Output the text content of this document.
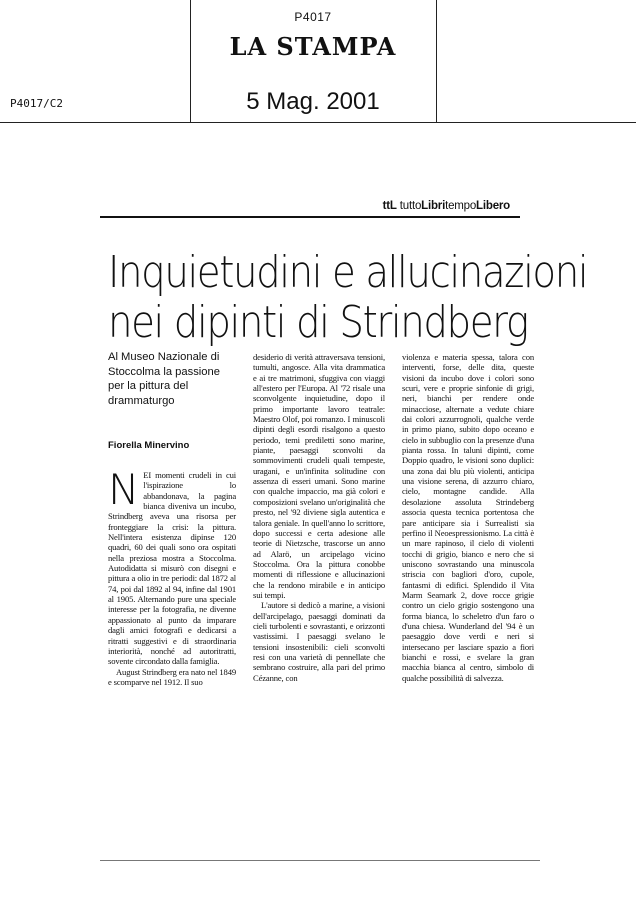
P4017
LA STAMPA
P4017/C2	5 Mag. 2001
ttL tuttoLibritempoLibero
Inquietudini e allucinazioni
nei dipinti di Strindberg
Al Museo Nazionale di Stoccolma la passione per la pittura del drammaturgo
Fiorella Minervino
N EI momenti crudeli in cui l'ispirazione lo abbandonava, la pagina bianca diveniva un incubo, Strindberg aveva una risorsa per fronteggiare la crisi: la pittura. Nell'intera esistenza dipinse 120 quadri, 60 dei quali sono ora ospitati nella preziosa mostra a Stoccolma. Autodidatta si misurò con disegni e pittura a olio in tre periodi: dal 1872 al 74, poi dal 1892 al 94, infine dal 1901 al 1905. Alternando pure una speciale interesse per la fotografia, ne divenne appassionato al punto da imparare dagli amici fotografi e dedicarsi a ritratti suggestivi e di straordinaria interiorità, nonché ad autoritratti, sovente circondato dalla famiglia.

August Strindberg era nato nel 1849 e scomparve nel 1912. Il suo

desiderio di verità attraversava tensioni, tumulti, angosce. Alla vita drammatica e ai tre matrimoni, sfuggiva con viaggi all'estero per l'Europa. Al '72 risale una sconvolgente inquietudine, dopo il primo importante lavoro teatrale: Maestro Olof, poi romanzo. I minuscoli dipinti degli esordi risalgono a questo periodo, temi prediletti sono marine, piante, paesaggi sconvolti da sommovimenti crudeli quali tempeste, uragani, e un'infinita solitudine con assenza di esseri umani. Sono marine con qualche impaccio, ma già colori e composizioni svelano un'originalità che presto, nel '92 diviene sigla autentica e talora geniale. In quell'anno lo scrittore, dopo successi e certa adesione alle teorie di Nietzsche, trascorse un anno ad Alarö, un arcipelago vicino Stoccolma. Ora la pittura conobbe momenti di riflessione e allucinazioni che la rendono mirabile e in anticipo sui tempi.

L'autore si dedicò a marine, a visioni dell'arcipelago, paesaggi dominati da cieli turbolenti e sovrastanti, e orizzonti vastissimi. I paesaggi svelano le tensioni insostenibili: cieli sconvolti resi con una varietà di pennellate che sembrano costruire, alla pari del primo Cézanne, con

violenza e materia spessa, talora con interventi, forse, delle dita, queste visioni da incubo dove i colori sono scuri, vere e proprie sinfonie di grigi, neri, bianchi per rendere onde minacciose, alternate a vedute chiare dai colori azzurrognoli, qualche verde in primo piano, subito dopo oceano e cielo in subbuglio con la presenze d'una pianta rossa. In taluni dipinti, come Doppio quadro, le visioni sono duplici: una zona dai blu più violenti, anticipa una visione serena, di azzurro chiaro, cielo, montagne candide. Alla desolazione assoluta Strindeberg associa questa tecnica portentosa che pare anticipare sia i Surrealisti sia perfino il Neoespressionismo. La città è un mare rapinoso, il cielo di violenti tocchi di grigio, bianco e nero che si uniscono sovrastando una minuscola striscia con bagliori d'oro, cupole, fantasmi di edifici. Splendido il Vita Marm Seamark 2, dove rocce grigie contro un cielo grigio sostengono una forma bianca, lo scheletro d'un faro o d'una chiesa. Wunderland del '94 è un paesaggio dove verdi e neri si intersecano per lasciare spazio a fiori bianchi e rossi, e svelare la gran macchia bianca al centro, simbolo di qualche possibilità di salvezza.
